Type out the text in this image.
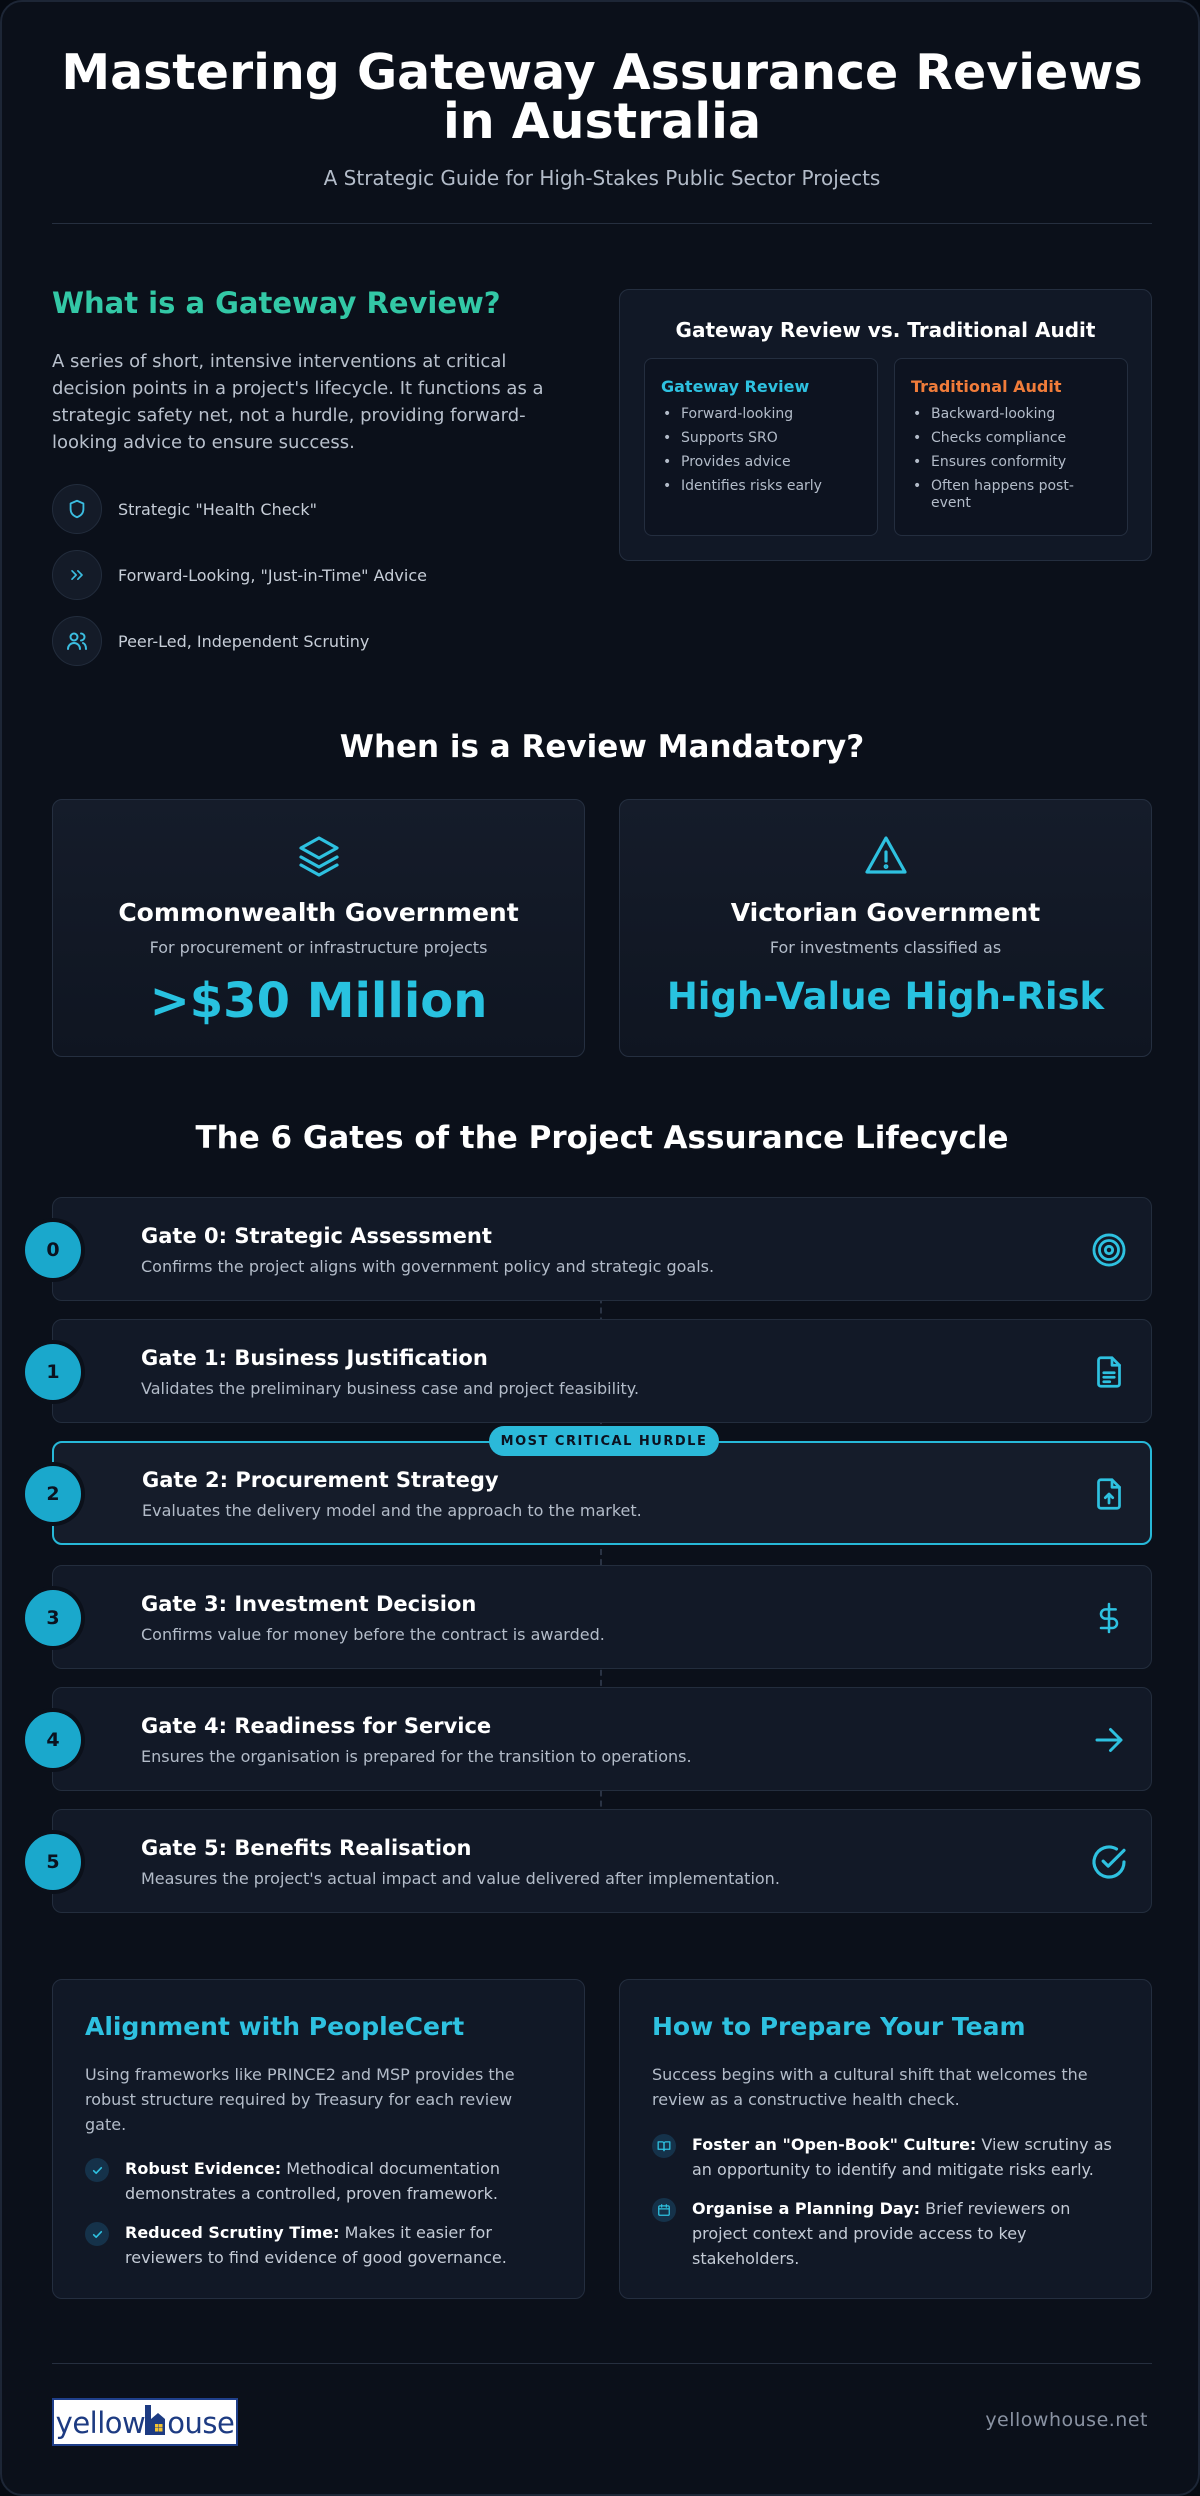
Mastering Gateway Assurance Reviews in Australia
A Strategic Guide for High-Stakes Public Sector Projects
What is a Gateway Review?
A series of short, intensive interventions at critical decision points in a project's lifecycle. It functions as a strategic safety net, not a hurdle, providing forward-looking advice to ensure success.
Strategic "Health Check"
Forward-Looking, "Just-in-Time" Advice
Peer-Led, Independent Scrutiny
Gateway Review vs. Traditional Audit
Gateway Review
• Forward-looking
• Supports SRO
• Provides advice
• Identifies risks early
Traditional Audit
• Backward-looking
• Checks compliance
• Ensures conformity
• Often happens post-event
When is a Review Mandatory?
Commonwealth Government
For procurement or infrastructure projects
>$30 Million
Victorian Government
For investments classified as
High-Value High-Risk
The 6 Gates of the Project Assurance Lifecycle
0
Gate 0: Strategic Assessment
Confirms the project aligns with government policy and strategic goals.
1
Gate 1: Business Justification
Validates the preliminary business case and project feasibility.
MOST CRITICAL HURDLE
2
Gate 2: Procurement Strategy
Evaluates the delivery model and the approach to the market.
3
Gate 3: Investment Decision
Confirms value for money before the contract is awarded.
4
Gate 4: Readiness for Service
Ensures the organisation is prepared for the transition to operations.
5
Gate 5: Benefits Realisation
Measures the project's actual impact and value delivered after implementation.
Alignment with PeopleCert
Using frameworks like PRINCE2 and MSP provides the robust structure required by Treasury for each review gate.
Robust Evidence: Methodical documentation demonstrates a controlled, proven framework.
Reduced Scrutiny Time: Makes it easier for reviewers to find evidence of good governance.
How to Prepare Your Team
Success begins with a cultural shift that welcomes the review as a constructive health check.
Foster an "Open-Book" Culture: View scrutiny as an opportunity to identify and mitigate risks early.
Organise a Planning Day: Brief reviewers on project context and provide access to key stakeholders.
yellow ouse	yellowhouse.net
